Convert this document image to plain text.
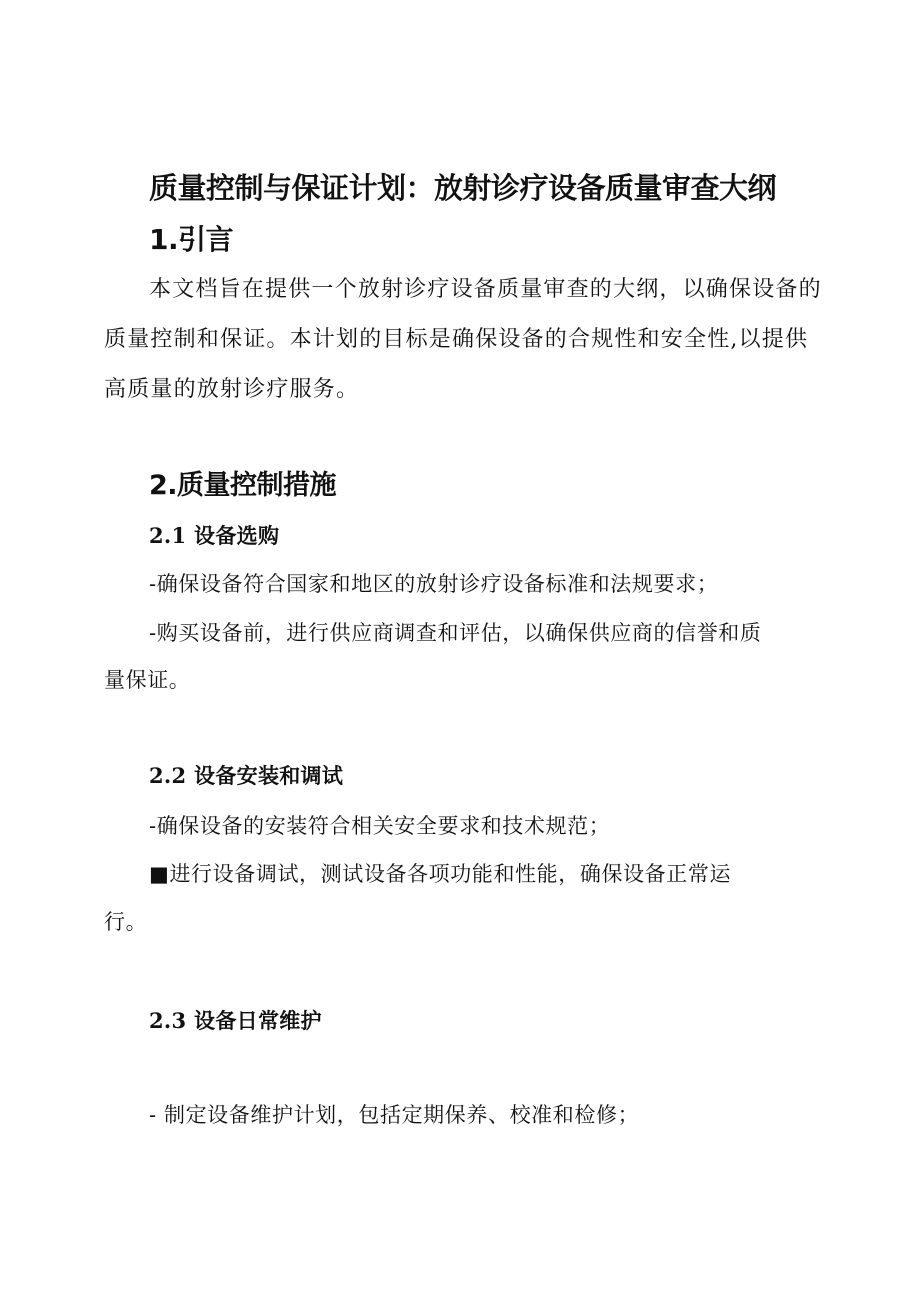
质量控制与保证计划：放射诊疗设备质量审查大纲
1.引言

本文档旨在提供一个放射诊疗设备质量审查的大纲，以确保设备的

质量控制和保证。本计划的目标是确保设备的合规性和安全性,以提供

高质量的放射诊疗服务。

2.质量控制措施
2.1 设备选购

-确保设备符合国家和地区的放射诊疗设备标准和法规要求；

-购买设备前，进行供应商调查和评估，以确保供应商的信誉和质

量保证。

2.2 设备安装和调试

-确保设备的安装符合相关安全要求和技术规范；

■进行设备调试，测试设备各项功能和性能，确保设备正常运

行。

2.3 设备日常维护

- 制定设备维护计划，包括定期保养、校准和检修；
